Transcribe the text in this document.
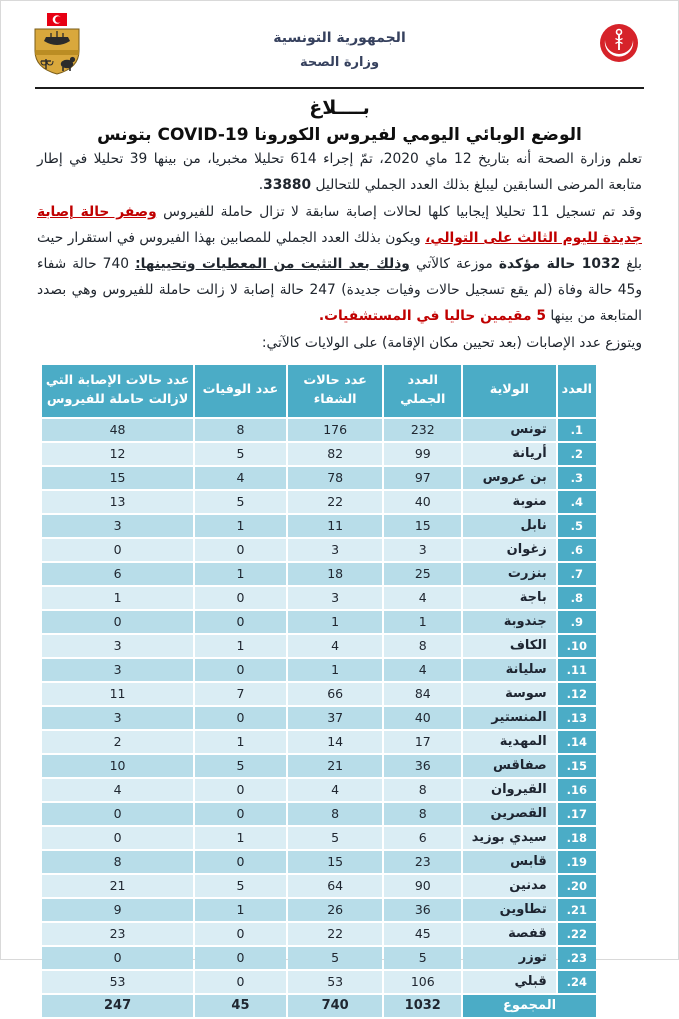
الجمهورية التونسية
وزارة الصحة
بــــلاغ
الوضع الوبائي اليومي لفيروس الكورونا COVID-19 بتونس

تعلم وزارة الصحة أنه بتاريخ 12 ماي 2020، تمّ إجراء 614 تحليلا مخبريا، من بينها 39 تحليلا في إطار متابعة المرضى السابقين ليبلغ بذلك العدد الجملي للتحاليل 33880.

وقد تم تسجيل 11 تحليلا إيجابيا كلها لحالات إصابة سابقة لا تزال حاملة للفيروس وصفر حالة إصابة جديدة لليوم الثالث على التوالي، ويكون بذلك العدد الجملي للمصابين بهذا الفيروس في استقرار حيث بلغ 1032 حالة مؤكدة موزعة كالآتي وذلك بعد التثبت من المعطيات وتحيينها: 740 حالة شفاء و45 حالة وفاة (لم يقع تسجيل حالات وفيات جديدة) 247 حالة إصابة لا زالت حاملة للفيروس وهي بصدد المتابعة من بينها 5 مقيمين حاليا في المستشفيات.

ويتوزع عدد الإصابات (بعد تحيين مكان الإقامة) على الولايات كالآتي:

العدد	الولاية	العدد الجملي	عدد حالات الشفاء	عدد الوفيات	عدد حالات الإصابة التي لازالت حاملة للفيروس
1.	تونس	232	176	8	48
2.	أريانة	99	82	5	12
3.	بن عروس	97	78	4	15
4.	منوبة	40	22	5	13
5.	نابل	15	11	1	3
6.	زغوان	3	3	0	0
7.	بنزرت	25	18	1	6
8.	باجة	4	3	0	1
9.	جندوبة	1	1	0	0
10.	الكاف	8	4	1	3
11.	سليانة	4	1	0	3
12.	سوسة	84	66	7	11
13.	المنستير	40	37	0	3
14.	المهدية	17	14	1	2
15.	صفاقس	36	21	5	10
16.	القيروان	8	4	0	4
17.	القصرين	8	8	0	0
18.	سيدي بوزيد	6	5	1	0
19.	قابس	23	15	0	8
20.	مدنين	90	64	5	21
21.	تطاوين	36	26	1	9
22.	قفصة	45	22	0	23
23.	توزر	5	5	0	0
24.	قبلي	106	53	0	53
المجموع		1032	740	45	247
